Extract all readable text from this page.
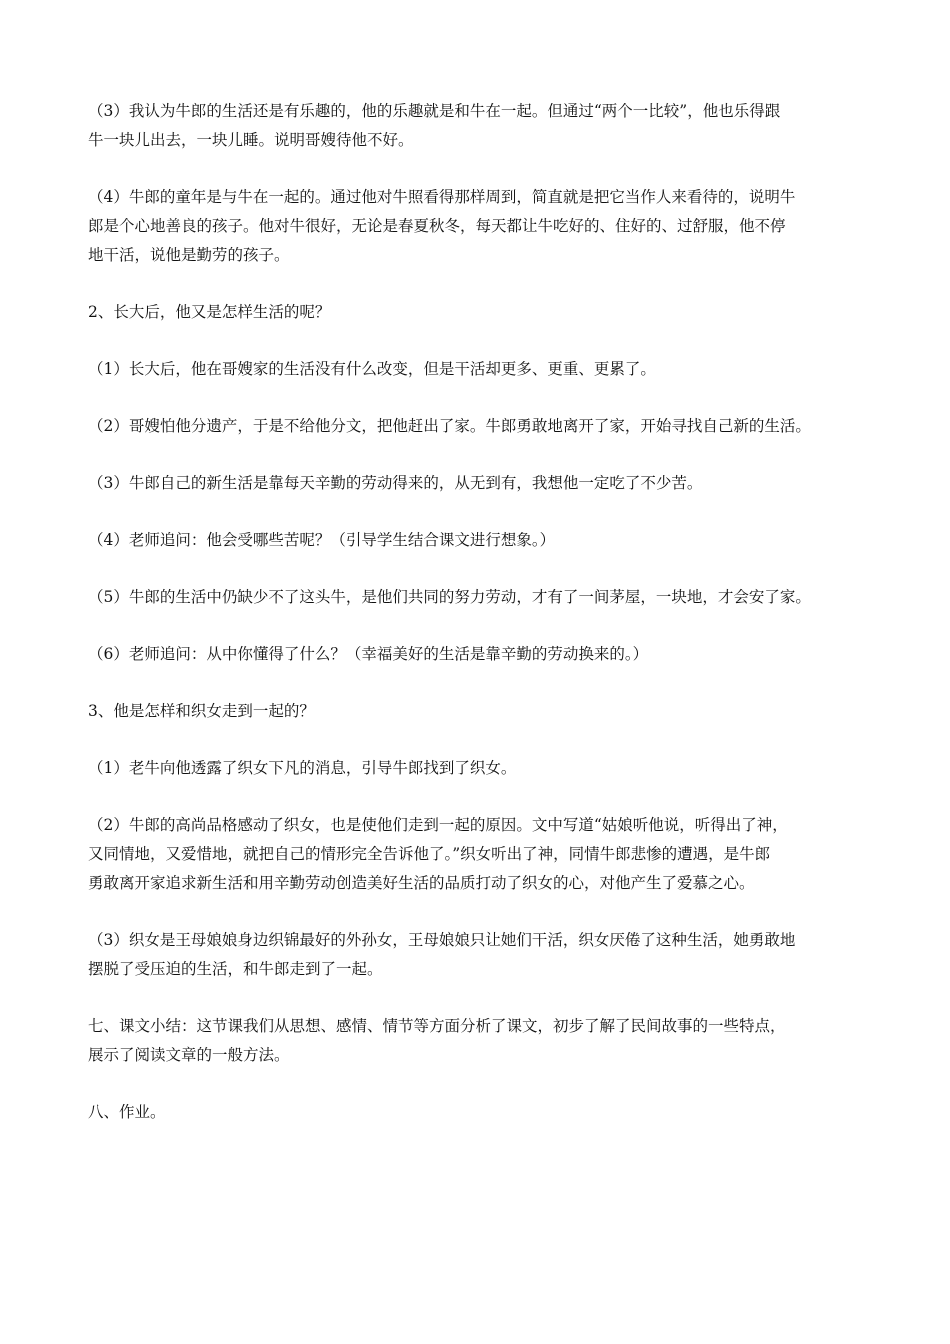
（3）我认为牛郎的生活还是有乐趣的，他的乐趣就是和牛在一起。但通过“两个一比较”，他也乐得跟
牛一块儿出去，一块儿睡。说明哥嫂待他不好。

（4）牛郎的童年是与牛在一起的。通过他对牛照看得那样周到，简直就是把它当作人来看待的，说明牛
郎是个心地善良的孩子。他对牛很好，无论是春夏秋冬，每天都让牛吃好的、住好的、过舒服，他不停
地干活，说他是勤劳的孩子。

2、长大后，他又是怎样生活的呢？

（1）长大后，他在哥嫂家的生活没有什么改变，但是干活却更多、更重、更累了。

（2）哥嫂怕他分遗产，于是不给他分文，把他赶出了家。牛郎勇敢地离开了家，开始寻找自己新的生活。

（3）牛郎自己的新生活是靠每天辛勤的劳动得来的，从无到有，我想他一定吃了不少苦。

（4）老师追问：他会受哪些苦呢？（引导学生结合课文进行想象。）

（5）牛郎的生活中仍缺少不了这头牛，是他们共同的努力劳动，才有了一间茅屋，一块地，才会安了家。

（6）老师追问：从中你懂得了什么？（幸福美好的生活是靠辛勤的劳动换来的。）

3、他是怎样和织女走到一起的？

（1）老牛向他透露了织女下凡的消息，引导牛郎找到了织女。

（2）牛郎的高尚品格感动了织女，也是使他们走到一起的原因。文中写道“姑娘听他说，听得出了神，
又同情地，又爱惜地，就把自己的情形完全告诉他了。”织女听出了神，同情牛郎悲惨的遭遇，是牛郎
勇敢离开家追求新生活和用辛勤劳动创造美好生活的品质打动了织女的心，对他产生了爱慕之心。

（3）织女是王母娘娘身边织锦最好的外孙女，王母娘娘只让她们干活，织女厌倦了这种生活，她勇敢地
摆脱了受压迫的生活，和牛郎走到了一起。

七、课文小结：这节课我们从思想、感情、情节等方面分析了课文，初步了解了民间故事的一些特点，
展示了阅读文章的一般方法。

八、作业。
